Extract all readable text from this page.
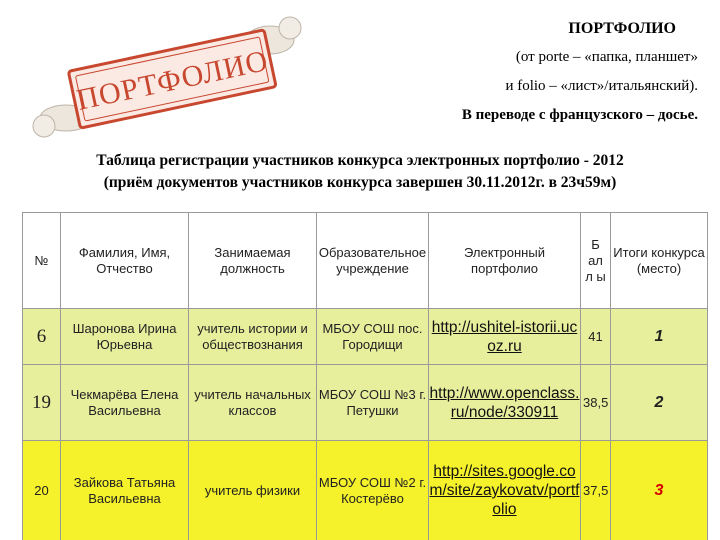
ПОРТФОЛИО
ПОРТФОЛИО
(от porte – «папка, планшет»
и folio – «лист»/итальянский).
В переводе с французского – досье.
Таблица регистрации участников конкурса электронных портфолио - 2012
(приём документов участников конкурса завершен 30.11.2012г. в 23ч59м)
№	Фамилия, Имя, Отчество	Занимаемая должность	Образовательное учреждение	Электронный портфолио	Б ал л ы	Итоги конкурса (место)
6	Шаронова Ирина Юрьевна	учитель истории и обществознания	МБОУ СОШ пос. Городищи	http://ushitel-istorii.ucoz.ru	41	1
19	Чекмарёва Елена Васильевна	учитель начальных классов	МБОУ СОШ №3 г. Петушки	http://www.openclass.ru/node/330911	38,5	2
20	Зайкова Татьяна Васильевна	учитель физики	МБОУ СОШ №2 г. Костерёво	http://sites.google.com/site/zaykovatv/portfolio	37,5	3
